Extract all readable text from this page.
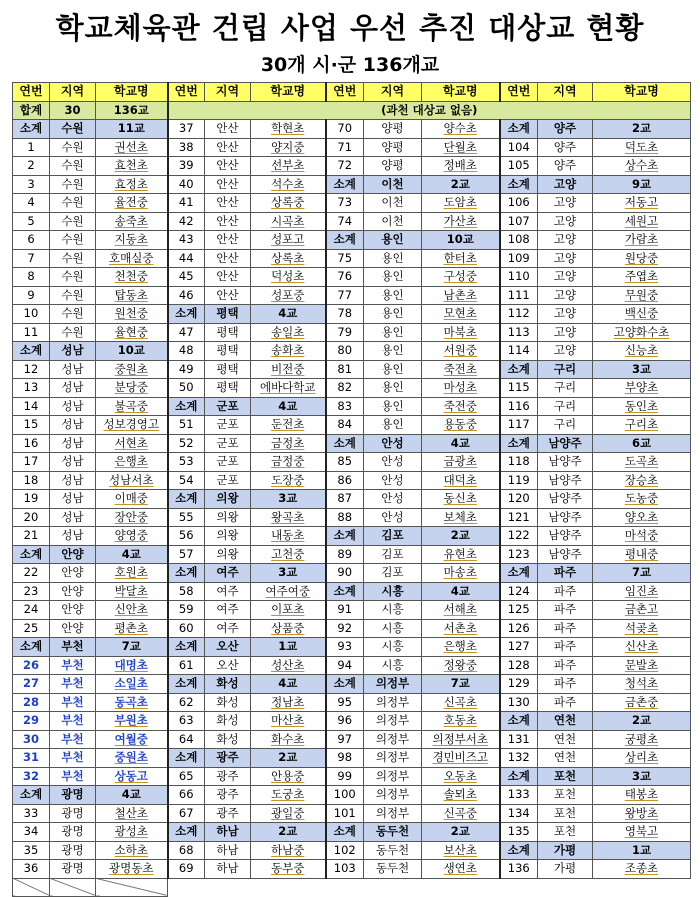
학교체육관 건립 사업 우선 추진 대상교 현황
30개 시·군 136개교
연번	지역	학교명	연번	지역	학교명	연번	지역	학교명	연번	지역	학교명
합계	30	136교	(과천 대상교 없음)								
소계	수원	11교	37	안산	학현초	70	양평	양수초	소계	양주	2교
1	수원	권선초	38	안산	양지중	71	양평	단월초	104	양주	덕도초
2	수원	효천초	39	안산	선부초	72	양평	정배초	105	양주	상수초
3	수원	효정초	40	안산	석수초	소계	이천	2교	소계	고양	9교
4	수원	율전중	41	안산	상록중	73	이천	도암초	106	고양	저동고
5	수원	송죽초	42	안산	시곡초	74	이천	가산초	107	고양	세원고
6	수원	지동초	43	안산	성포고	소계	용인	10교	108	고양	가람초
7	수원	호매실중	44	안산	상록초	75	용인	한터초	109	고양	원당중
8	수원	천천중	45	안산	덕성초	76	용인	구성중	110	고양	주엽초
9	수원	탑동초	46	안산	성포중	77	용인	남촌초	111	고양	무원중
10	수원	원천중	소계	평택	4교	78	용인	모현초	112	고양	백신중
11	수원	율현중	47	평택	송일초	79	용인	마북초	113	고양	고양화수초
소계	성남	10교	48	평택	송화초	80	용인	서원중	114	고양	신능초
12	성남	중원초	49	평택	비전중	81	용인	죽전초	소계	구리	3교
13	성남	분당중	50	평택	에바다학교	82	용인	마성초	115	구리	부양초
14	성남	불곡중	소계	군포	4교	83	용인	죽전중	116	구리	동인초
15	성남	성보경영고	51	군포	둔전초	84	용인	용동중	117	구리	구리초
16	성남	서현초	52	군포	금정초	소계	안성	4교	소계	남양주	6교
17	성남	은행초	53	군포	금정중	85	안성	금광초	118	남양주	도곡초
18	성남	성남서초	54	군포	도장중	86	안성	대덕초	119	남양주	장승초
19	성남	이매중	소계	의왕	3교	87	안성	동신초	120	남양주	도농중
20	성남	장안중	55	의왕	왕곡초	88	안성	보체초	121	남양주	양오초
21	성남	양영중	56	의왕	내동초	소계	김포	2교	122	남양주	마석중
소계	안양	4교	57	의왕	고천중	89	김포	유현초	123	남양주	평내중
22	안양	호원초	소계	여주	3교	90	김포	마송초	소계	파주	7교
23	안양	박달초	58	여주	여주여중	소계	시흥	4교	124	파주	임진초
24	안양	신안초	59	여주	이포초	91	시흥	서해초	125	파주	금촌고
25	안양	평촌초	60	여주	상품중	92	시흥	서촌초	126	파주	석곶초
소계	부천	7교	소계	오산	1교	93	시흥	은행초	127	파주	신산초
26	부천	대명초	61	오산	성산초	94	시흥	정왕중	128	파주	문발초
27	부천	소일초	소계	화성	4교	소계	의정부	7교	129	파주	청석초
28	부천	동곡초	62	화성	정남초	95	의정부	신곡초	130	파주	금촌중
29	부천	부원초	63	화성	마산초	96	의정부	호동초	소계	연천	2교
30	부천	여월중	64	화성	화수초	97	의정부	의정부서초	131	연천	궁평초
31	부천	중원초	소계	광주	2교	98	의정부	경민비즈고	132	연천	상리초
32	부천	상동고	65	광주	안용중	99	의정부	오동초	소계	포천	3교
소계	광명	4교	66	광주	도궁초	100	의정부	솔뫼초	133	포천	태봉초
33	광명	철산초	67	광주	광일중	101	의정부	신곡중	134	포천	왕방초
34	광명	광성초	소계	하남	2교	소계	동두천	2교	135	포천	영북고
35	광명	소하초	68	하남	하남중	102	동두천	보산초	소계	가평	1교
36	광명	광명동초	69	하남	동부중	103	동두천	생연초	136	가평	조종초
